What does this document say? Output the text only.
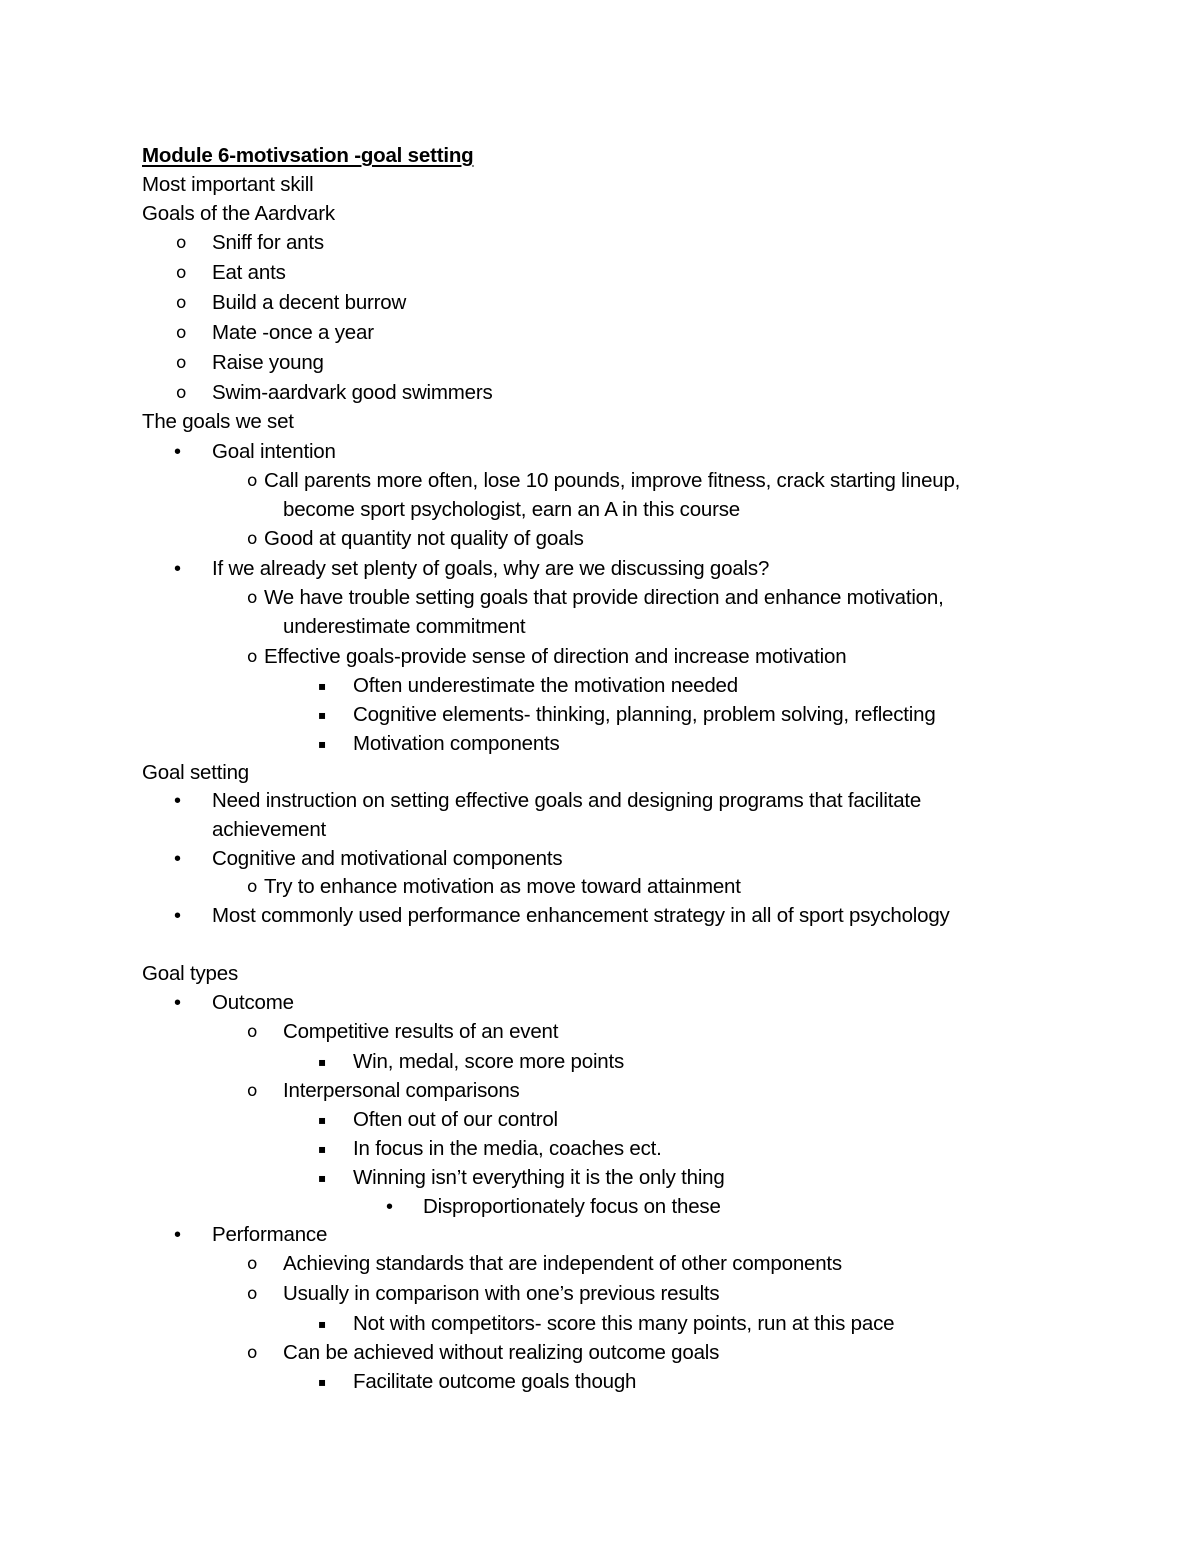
Module 6-motivsation -goal setting
Most important skill
Goals of the Aardvark
o Sniff for ants
o Eat ants
o Build a decent burrow
o Mate -once a year
o Raise young
o Swim-aardvark good swimmers
The goals we set
• Goal intention
o Call parents more often, lose 10 pounds, improve fitness, crack starting lineup,
become sport psychologist, earn an A in this course
o Good at quantity not quality of goals
• If we already set plenty of goals, why are we discussing goals?
o We have trouble setting goals that provide direction and enhance motivation,
underestimate commitment
o Effective goals-provide sense of direction and increase motivation
▪ Often underestimate the motivation needed
▪ Cognitive elements- thinking, planning, problem solving, reflecting
▪ Motivation components
Goal setting
• Need instruction on setting effective goals and designing programs that facilitate
achievement
• Cognitive and motivational components
o Try to enhance motivation as move toward attainment
• Most commonly used performance enhancement strategy in all of sport psychology
Goal types
• Outcome
o Competitive results of an event
▪ Win, medal, score more points
o Interpersonal comparisons
▪ Often out of our control
▪ In focus in the media, coaches ect.
▪ Winning isn’t everything it is the only thing
• Disproportionately focus on these
• Performance
o Achieving standards that are independent of other components
o Usually in comparison with one’s previous results
▪ Not with competitors- score this many points, run at this pace
o Can be achieved without realizing outcome goals
▪ Facilitate outcome goals though
